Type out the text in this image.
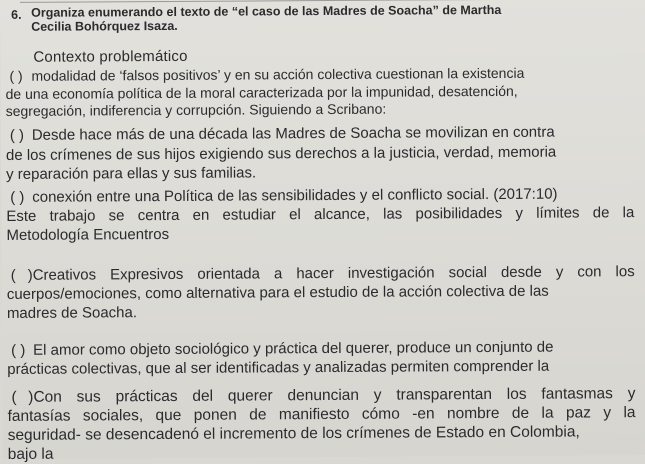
6. Organiza enumerando el texto de “el caso de las Madres de Soacha” de Martha
Cecilia Bohórquez Isaza.
Contexto problemático
( ) modalidad de ‘falsos positivos’ y en su acción colectiva cuestionan la existencia
de una economía política de la moral caracterizada por la impunidad, desatención,
segregación, indiferencia y corrupción. Siguiendo a Scribano:
( ) Desde hace más de una década las Madres de Soacha se movilizan en contra
de los crímenes de sus hijos exigiendo sus derechos a la justicia, verdad, memoria
y reparación para ellas y sus familias.
( ) conexión entre una Política de las sensibilidades y el conflicto social. (2017:10)
Este trabajo se centra en estudiar el alcance, las posibilidades y límites de la
Metodología Encuentros
( )Creativos Expresivos orientada a hacer investigación social desde y con los
cuerpos/emociones, como alternativa para el estudio de la acción colectiva de las
madres de Soacha.
( ) El amor como objeto sociológico y práctica del querer, produce un conjunto de
prácticas colectivas, que al ser identificadas y analizadas permiten comprender la
( )Con sus prácticas del querer denuncian y transparentan los fantasmas y
fantasías sociales, que ponen de manifiesto cómo -en nombre de la paz y la
seguridad- se desencadenó el incremento de los crímenes de Estado en Colombia,
bajo la
